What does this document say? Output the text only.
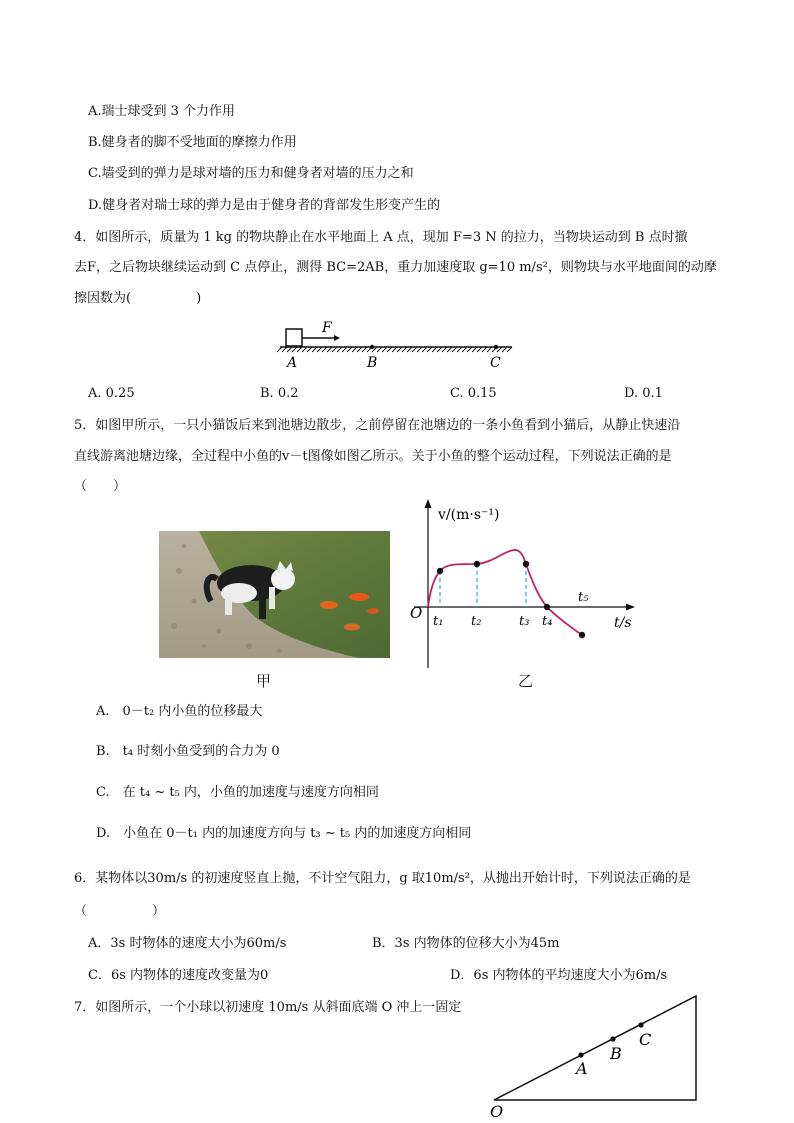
A.瑞士球受到 3 个力作用
B.健身者的脚不受地面的摩擦力作用
C.墙受到的弹力是球对墙的压力和健身者对墙的压力之和
D.健身者对瑞士球的弹力是由于健身者的背部发生形变产生的
4．如图所示，质量为 1 kg 的物块静止在水平地面上 A 点，现加 F=3 N 的拉力，当物块运动到 B 点时撤
去F，之后物块继续运动到 C 点停止，测得 BC=2AB，重力加速度取 g=10 m/s²，则物块与水平地面间的动摩
擦因数为(　　　　　)
F
A	B	C
A. 0.25	B. 0.2	C. 0.15	D. 0.1
5．如图甲所示，一只小猫饭后来到池塘边散步，之前停留在池塘边的一条小鱼看到小猫后，从静止快速沿
直线游离池塘边缘，全过程中小鱼的v－t图像如图乙所示。关于小鱼的整个运动过程，下列说法正确的是
（　　）
甲
v/(m·s⁻¹)
t/s
O t₁ t₂	t₃ t₄
t₅
乙
A.　0－t₂ 内小鱼的位移最大
B.　t₄ 时刻小鱼受到的合力为 0
C.　在 t₄ ~ t₅ 内，小鱼的加速度与速度方向相同
D.　小鱼在 0－t₁ 内的加速度方向与 t₃ ~ t₅ 内的加速度方向相同
6．某物体以30m/s 的初速度竖直上抛，不计空气阻力，g 取10m/s²，从抛出开始计时，下列说法正确的是
（　　　　　）
A．3s 时物体的速度大小为60m/s	B．3s 内物体的位移大小为45m
C．6s 内物体的速度改变量为0	D．6s 内物体的平均速度大小为6m/s
7．如图所示，一个小球以初速度 10m/s 从斜面底端 O 冲上一固定
O
A
B
C
